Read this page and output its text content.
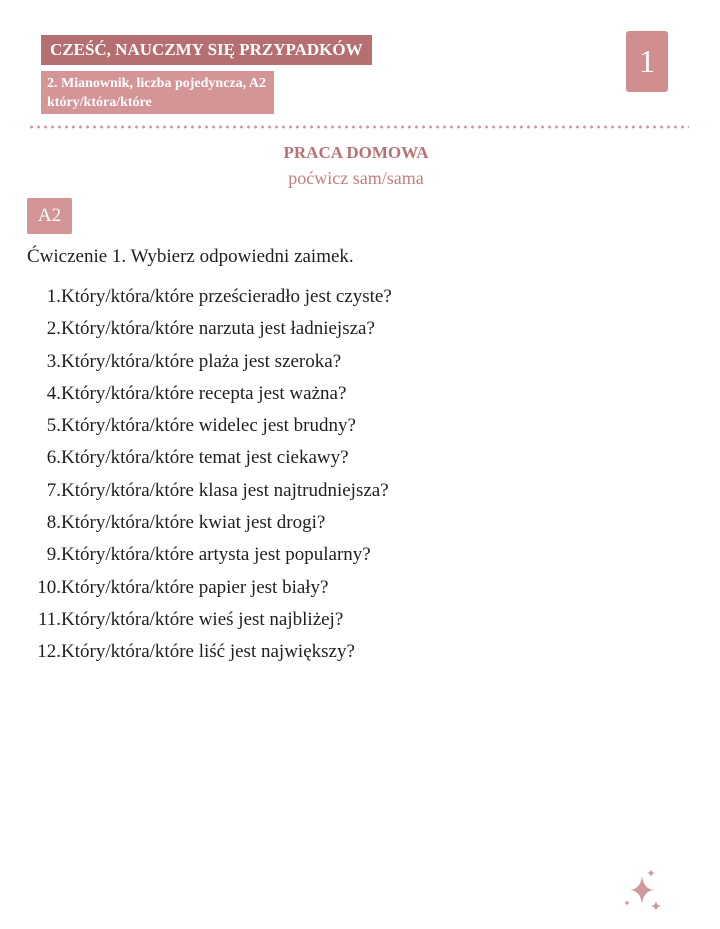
CZEŚĆ, NAUCZMY SIĘ PRZYPADKÓW
2. Mianownik, liczba pojedyncza, A2
który/która/które
1
PRACA DOMOWA
poćwicz sam/sama
A2
Ćwiczenie 1. Wybierz odpowiedni zaimek.
1.Który/która/które prześcieradło jest czyste?
2.Który/która/które narzuta jest ładniejsza?
3.Który/która/które plaża jest szeroka?
4.Który/która/które recepta jest ważna?
5.Który/która/które widelec jest brudny?
6.Który/która/które temat jest ciekawy?
7.Który/która/które klasa jest najtrudniejsza?
8.Który/która/które kwiat jest drogi?
9.Który/która/które artysta jest popularny?
10.Który/która/które papier jest biały?
11.Który/która/które wieś jest najbliżej?
12.Który/która/które liść jest największy?
